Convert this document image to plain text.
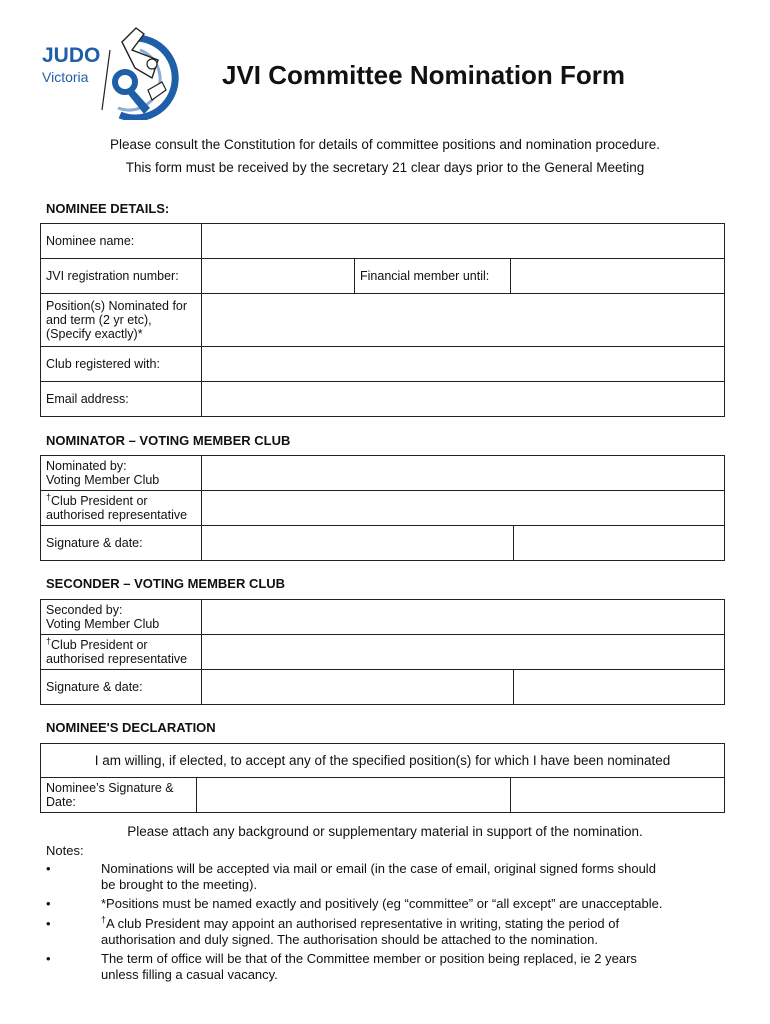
JUDO
Victoria	JVI Committee Nomination Form
Please consult the Constitution for details of committee positions and nomination procedure.
This form must be received by the secretary 21 clear days prior to the General Meeting
NOMINEE DETAILS:
Nominee name:			
JVI registration number:		Financial member until:	

Position(s) Nominated for
and term (2 yr etc),
(Specify exactly)*			

Club registered with:			
Email address:			
NOMINATOR – VOTING MEMBER CLUB
Nominated by:
Voting Member Club		

†Club President or
authorised representative		

Signature & date:		
SECONDER – VOTING MEMBER CLUB
Seconded by:
Voting Member Club		

†Club President or
authorised representative		

Signature & date:		
NOMINEE'S DECLARATION
I am willing, if elected, to accept any of the specified position(s) for which I have been nominated

Nominee’s Signature &
Date:

Please attach any background or supplementary material in support of the nomination.
Notes:
•	Nominations will be accepted via mail or email (in the case of email, original signed forms should
be brought to the meeting).
•	*Positions must be named exactly and positively (eg “committee” or “all except” are unacceptable.
•	†A club President may appoint an authorised representative in writing, stating the period of
authorisation and duly signed. The authorisation should be attached to the nomination.
•	The term of office will be that of the Committee member or position being replaced, ie 2 years
unless filling a casual vacancy.
